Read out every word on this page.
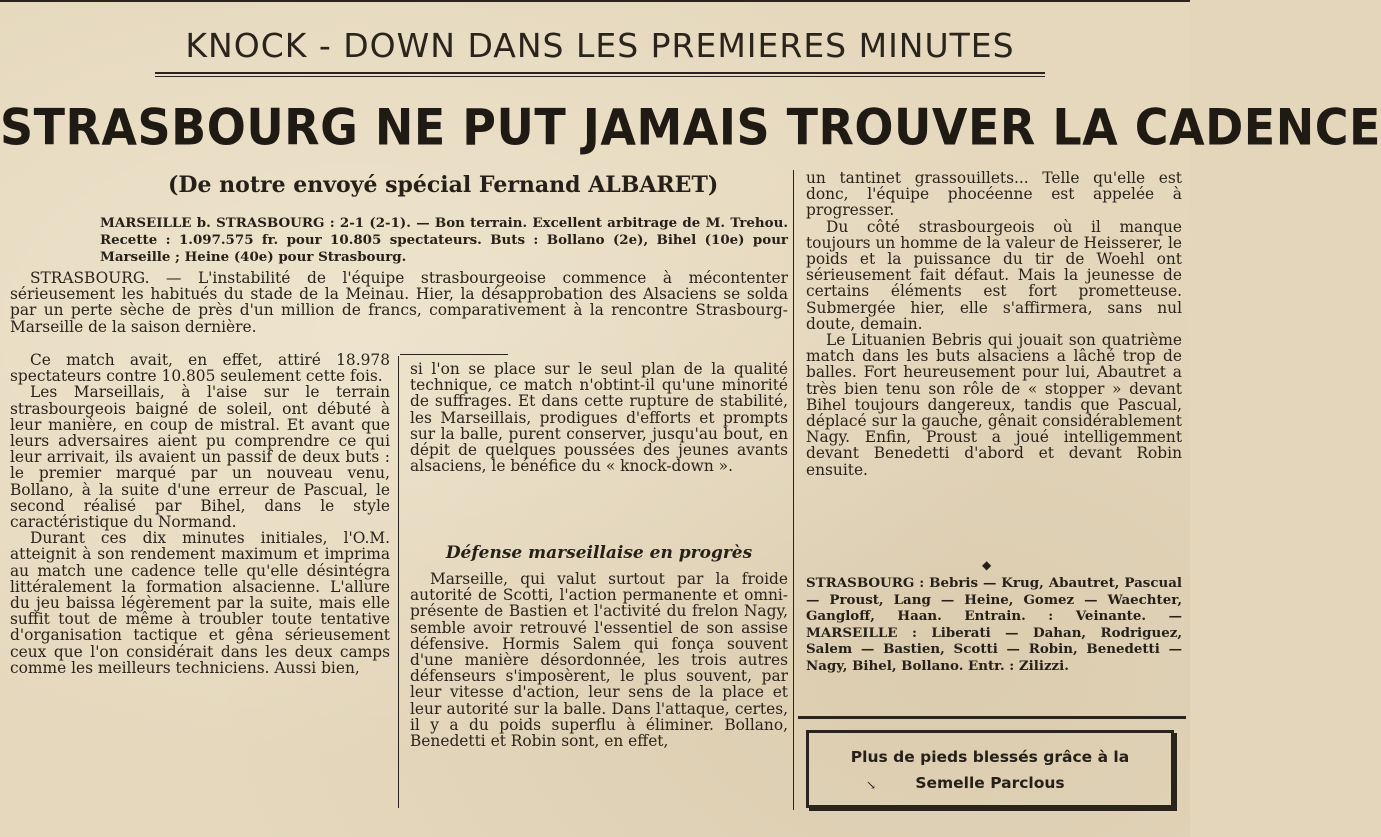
KNOCK - DOWN DANS LES PREMIERES MINUTES
STRASBOURG NE PUT JAMAIS TROUVER LA CADENCE
(De notre envoyé spécial Fernand ALBARET)
MARSEILLE b. STRASBOURG : 2-1 (2-1). — Bon terrain. Excellent arbitrage de M. Trehou. Recette : 1.097.575 fr. pour 10.805 spectateurs. Buts : Bollano (2e), Bihel (10e) pour Marseille ; Heine (40e) pour Strasbourg.
STRASBOURG. — L'instabilité de l'équipe strasbourgeoise commence à mécontenter sérieusement les habitués du stade de la Meinau. Hier, la désapprobation des Alsaciens se solda par un perte sèche de près d'un million de francs, comparativement à la rencontre Strasbourg-Marseille de la saison dernière.

Ce match avait, en effet, attiré 18.978 spectateurs contre 10.805 seulement cette fois.

Les Marseillais, à l'aise sur le terrain strasbourgeois baigné de soleil, ont débuté à leur manière, en coup de mistral. Et avant que leurs adversaires aient pu comprendre ce qui leur arrivait, ils avaient un passif de deux buts : le premier marqué par un nouveau venu, Bollano, à la suite d'une erreur de Pascual, le second réalisé par Bihel, dans le style caractéristique du Normand.

Durant ces dix minutes initiales, l'O.M. atteignit à son rendement maximum et imprima au match une cadence telle qu'elle désintégra littéralement la formation alsacienne. L'allure du jeu baissa légèrement par la suite, mais elle suffit tout de même à troubler toute tentative d'organisation tactique et gêna sérieusement ceux que l'on considérait dans les deux camps comme les meilleurs techniciens. Aussi bien,

si l'on se place sur le seul plan de la qualité technique, ce match n'obtint-il qu'une minorité de suffrages. Et dans cette rupture de stabilité, les Marseillais, prodigues d'efforts et prompts sur la balle, purent conserver, jusqu'au bout, en dépit de quelques poussées des jeunes avants alsaciens, le bénéfice du « knock-down ».

Défense marseillaise en progrès

Marseille, qui valut surtout par la froide autorité de Scotti, l'action permanente et omni-présente de Bastien et l'activité du frelon Nagy, semble avoir retrouvé l'essentiel de son assise défensive. Hormis Salem qui fonça souvent d'une manière désordonnée, les trois autres défenseurs s'imposèrent, le plus souvent, par leur vitesse d'action, leur sens de la place et leur autorité sur la balle. Dans l'attaque, certes, il y a du poids superflu à éliminer. Bollano, Benedetti et Robin sont, en effet,

un tantinet grassouillets... Telle qu'elle est donc, l'équipe phocéenne est appelée à progresser.

Du côté strasbourgeois où il manque toujours un homme de la valeur de Heisserer, le poids et la puissance du tir de Woehl ont sérieusement fait défaut. Mais la jeunesse de certains éléments est fort prometteuse. Submergée hier, elle s'affirmera, sans nul doute, demain.

Le Lituanien Bebris qui jouait son quatrième match dans les buts alsaciens a lâché trop de balles. Fort heureusement pour lui, Abautret a très bien tenu son rôle de « stopper » devant Bihel toujours dangereux, tandis que Pascual, déplacé sur la gauche, gênait considérablement Nagy. Enfin, Proust a joué intelligemment devant Benedetti d'abord et devant Robin ensuite.

◆
STRASBOURG : Bebris — Krug, Abautret, Pascual — Proust, Lang — Heine, Gomez — Waechter, Gangloff, Haan. Entrain. : Veinante. — MARSEILLE : Liberati — Dahan, Rodriguez, Salem — Bastien, Scotti — Robin, Benedetti — Nagy, Bihel, Bollano. Entr. : Zilizzi.
Plus de pieds blessés grâce à la
Semelle Parclous
↘
